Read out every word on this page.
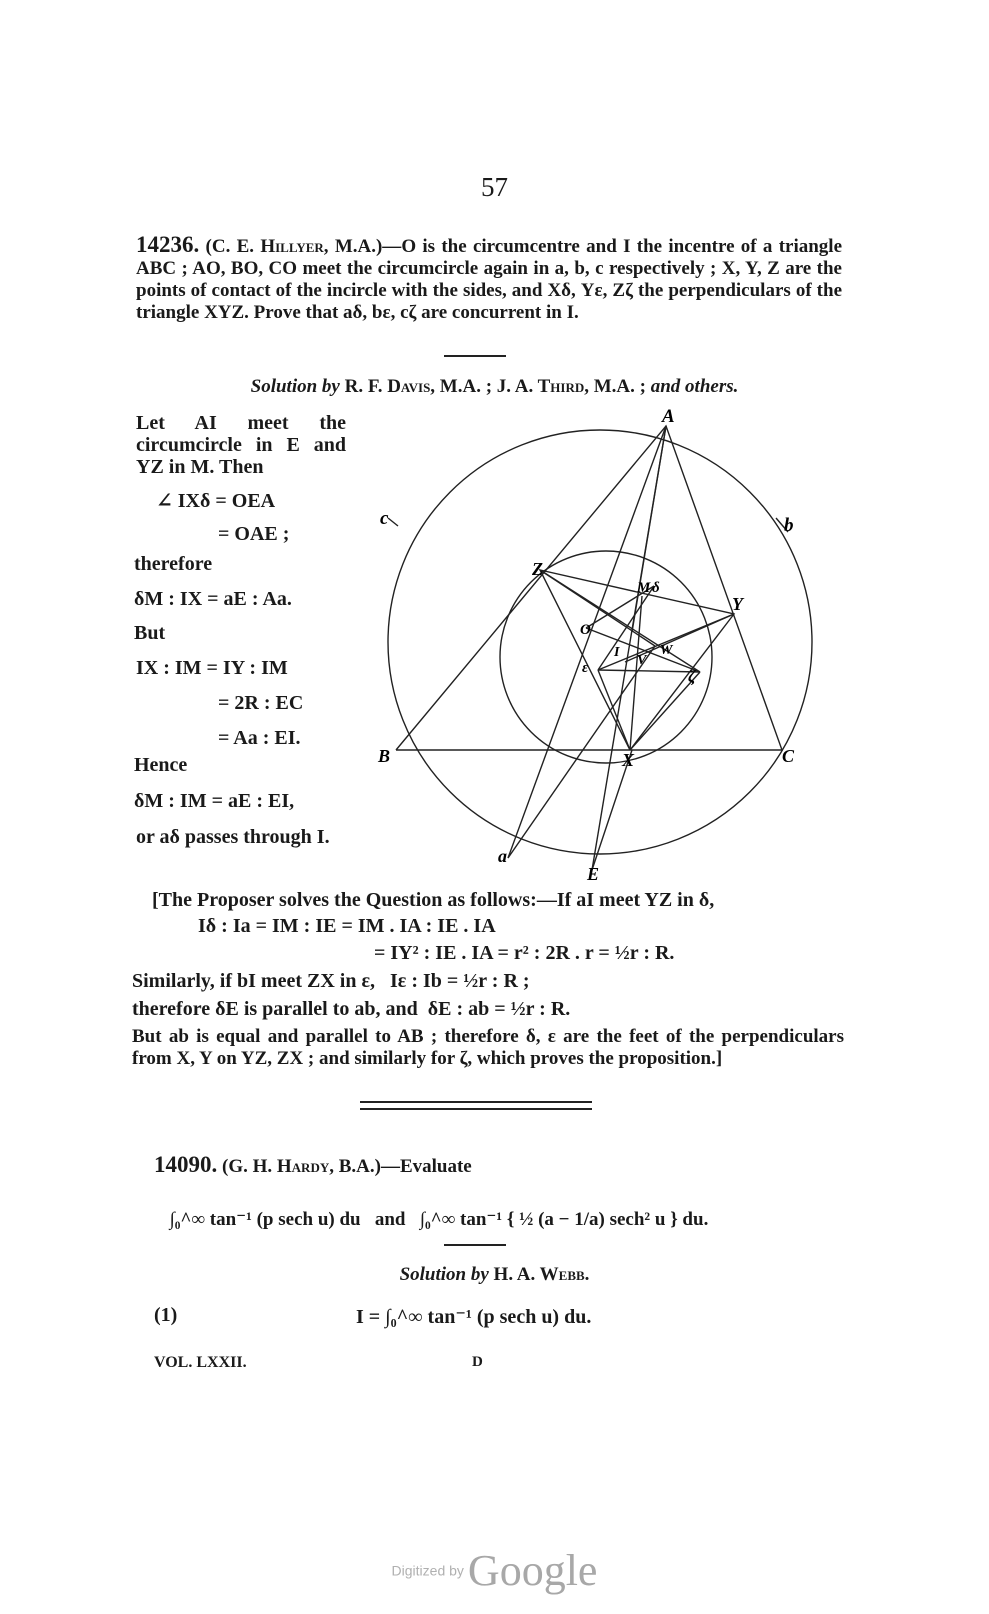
57
14236. (C. E. Hillyer, M.A.)—O is the circumcentre and I the incentre of a triangle ABC ; AO, BO, CO meet the circumcircle again in a, b, c respectively ; X, Y, Z are the points of contact of the incircle with the sides, and Xδ, Yε, Zζ the perpendiculars of the triangle XYZ. Prove that aδ, bε, cζ are concurrent in I.
Solution by R. F. Davis, M.A. ; J. A. Third, M.A. ; and others.
Let AI meet the circumcircle in E and YZ in M. Then
∠ IXδ = OEA
= OAE ;
therefore
δM : IX = aE : Aa.
But
IX : IM = IY : IM
= 2R : EC
= Aa : EI.
Hence
δM : IM = aE : EI,
or aδ passes through I.
A
b
c
Z
Y
M δ
O
I
V
W
ε	ζ
B	C
X
a
E
[The Proposer solves the Question as follows:—If aI meet YZ in δ,
Iδ : Ia = IM : IE = IM . IA : IE . IA
= IY² : IE . IA = r² : 2R . r = ½r : R.
Similarly, if bI meet ZX in ε,   Iε : Ib = ½r : R ;
therefore δE is parallel to ab, and  δE : ab = ½r : R.
But ab is equal and parallel to AB ; therefore δ, ε are the feet of the perpendiculars from X, Y on YZ, ZX ; and similarly for ζ, which proves the proposition.]
14090. (G. H. Hardy, B.A.)—Evaluate

∫₀^∞ tan⁻¹ (p sech u) du and ∫₀^∞ tan⁻¹ { ½ (a − 1/a) sech² u } du.

Solution by H. A. Webb.
(1)	I = ∫₀^∞ tan⁻¹ (p sech u) du.
VOL. LXXII.	D
Digitized by Google
